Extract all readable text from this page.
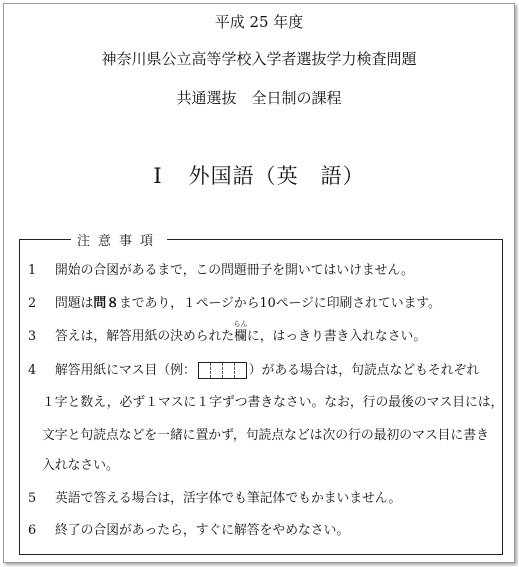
平成 25 年度
神奈川県公立高等学校入学者選抜学力検査問題
共通選抜　全日制の課程
I 外国語（英　語）
注意事項
1 開始の合図があるまで，この問題冊子を開いてはいけません。
2 問題は問８まであり，１ページから10ページに印刷されています。
3 答えは，解答用紙の決められた
らん
欄に，はっきり書き入れなさい。
4 解答用紙にマス目（例：	）がある場合は，句読点などもそれぞれ
１字と数え，必ず１マスに１字ずつ書きなさい。なお，行の最後のマス目には，
文字と句読点などを一緒に置かず，句読点などは次の行の最初のマス目に書き
入れなさい。
5 英語で答える場合は，活字体でも筆記体でもかまいません。
6 終了の合図があったら，すぐに解答をやめなさい。
